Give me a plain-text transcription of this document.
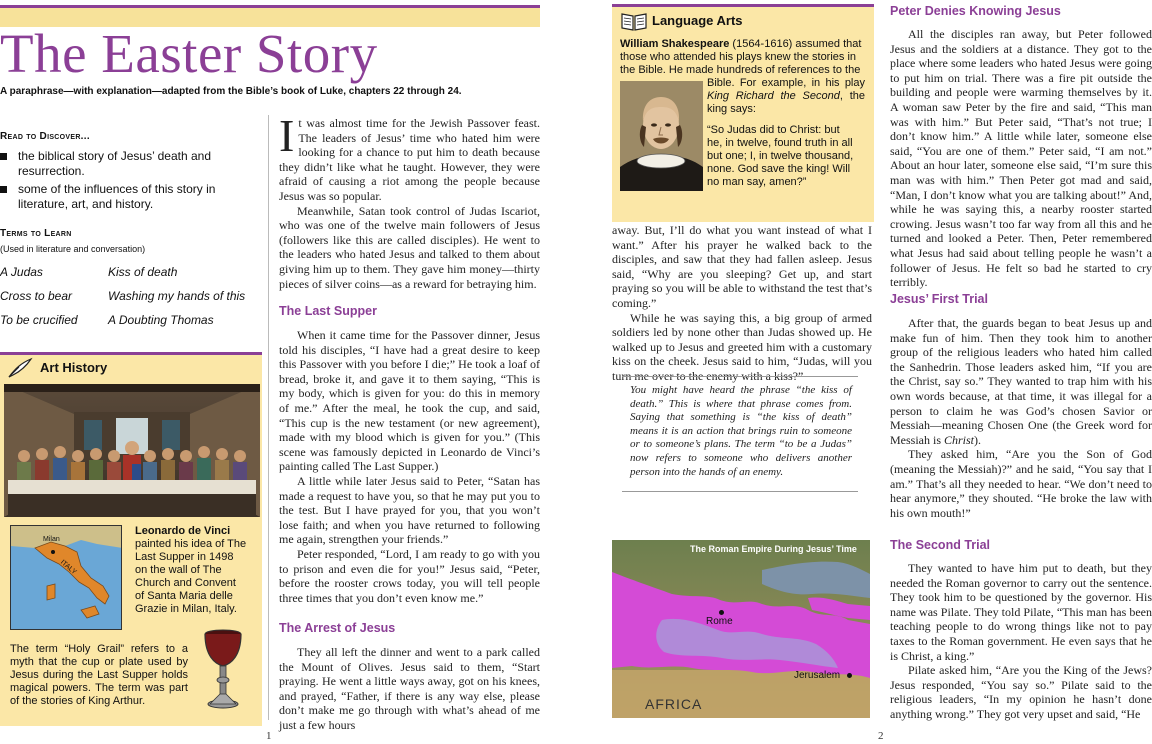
The Easter Story
A paraphrase—with explanation—adapted from the Bible’s book of Luke, chapters 22 through 24.
Read to Discover...
the biblical story of Jesus’ death and resurrection.
some of the influences of this story in literature, art, and history.
Terms to Learn
(Used in literature and conversation)
A Judas	Kiss of death
Cross to bear	Washing my hands of this
To be crucified	A Doubting Thomas
Art History
Milan
ITALY
Leonardo de Vinci painted his idea of The Last Supper in 1498 on the wall of The Church and Convent of Santa Maria delle Grazie in Milan, Italy.
The term “Holy Grail” refers to a myth that the cup or plate used by Jesus during the Last Supper holds magical powers. The term was part of the stories of King Arthur.

It was almost time for the Jewish Passover feast. The leaders of Jesus’ time who hated him were looking for a chance to put him to death because they didn’t like what he taught. However, they were afraid of causing a riot among the people because Jesus was so popular.

Meanwhile, Satan took control of Judas Iscariot, who was one of the twelve main followers of Jesus (followers like this are called disciples). He went to the leaders who hated Jesus and talked to them about giving him up to them. They gave him money—thirty pieces of silver coins—as a reward for betraying him.

The Last Supper

When it came time for the Passover dinner, Jesus told his disciples, “I have had a great desire to keep this Passover with you before I die;” He took a loaf of bread, broke it, and gave it to them saying, “This is my body, which is given for you: do this in memory of me.” After the meal, he took the cup, and said, “This cup is the new testament (or new agreement), made with my blood which is given for you.” (This scene was famously depicted in Leonardo de Vinci’s painting called The Last Supper.)

A little while later Jesus said to Peter, “Satan has made a request to have you, so that he may put you to the test. But I have prayed for you, that you won’t lose faith; and when you have returned to following me again, strengthen your friends.”

Peter responded, “Lord, I am ready to go with you to prison and even die for you!” Jesus said, “Peter, before the rooster crows today, you will tell people three times that you don’t even know me.”

The Arrest of Jesus

They all left the dinner and went to a park called the Mount of Olives. Jesus said to them, “Start praying. He went a little ways away, got on his knees, and prayed, “Father, if there is any way else, please don’t make me go through with what’s ahead of me just a few hours

1
Language Arts
William Shakespeare (1564-1616) assumed that those who attended his plays knew the stories in the Bible. He made hundreds of references to the
Bible. For example, in his play King Richard the Second, the king says:
“So Judas did to Christ: but he, in twelve, found truth in all but one; I, in twelve thousand, none. God save the king! Will no man say, amen?”

away. But, I’ll do what you want instead of what I want.” After his prayer he walked back to the disciples, and saw that they had fallen asleep. Jesus said, “Why are you sleeping? Get up, and start praying so you will be able to withstand the test that’s coming.”

While he was saying this, a big group of armed soldiers led by none other than Judas showed up. He walked up to Jesus and greeted him with a customary kiss on the cheek. Jesus said to him, “Judas, will you turn me over to the enemy with a kiss?”

You might have heard the phrase “the kiss of death.” This is where that phrase comes from. Saying that something is “the kiss of death” means it is an action that brings ruin to someone or to someone’s plans. The term “to be a Judas” now refers to someone who delivers another person into the hands of an enemy.
The Roman Empire During Jesus’ Time
Rome
Jerusalem
AFRICA
Peter Denies Knowing Jesus

All the disciples ran away, but Peter followed Jesus and the soldiers at a distance. They got to the place where some leaders who hated Jesus were going to put him on trial. There was a fire pit outside the building and people were warming themselves by it. A woman saw Peter by the fire and said, “This man was with him.” But Peter said, “That’s not true; I don’t know him.” A little while later, someone else said, “You are one of them.” Peter said, “I am not.” About an hour later, someone else said, “I’m sure this man was with him.” Then Peter got mad and said, “Man, I don’t know what you are talking about!” And, while he was saying this, a nearby rooster started crowing. Jesus wasn’t too far way from all this and he turned and looked a Peter. Then, Peter remembered what Jesus had said about telling people he wasn’t a follower of Jesus. He felt so bad he started to cry terribly.

Jesus’ First Trial

After that, the guards began to beat Jesus up and make fun of him. Then they took him to another group of the religious leaders who hated him called the Sanhedrin. Those leaders asked him, “If you are the Christ, say so.” They wanted to trap him with his own words because, at that time, it was illegal for a person to claim he was God’s chosen Savior or Messiah—meaning Chosen One (the Greek word for Messiah is Christ).

They asked him, “Are you the Son of God (meaning the Messiah)?” and he said, “You say that I am.” That’s all they needed to hear. “We don’t need to hear anymore,” they shouted. “He broke the law with his own mouth!”

The Second Trial

They wanted to have him put to death, but they needed the Roman governor to carry out the sentence. They took him to be questioned by the governor. His name was Pilate. They told Pilate, “This man has been teaching people to do wrong things like not to pay taxes to the Roman government. He even says that he is Christ, a king.”

Pilate asked him, “Are you the King of the Jews? Jesus responded, “You say so.” Pilate said to the religious leaders, “In my opinion he hasn’t done anything wrong.” They got very upset and said, “He

2
